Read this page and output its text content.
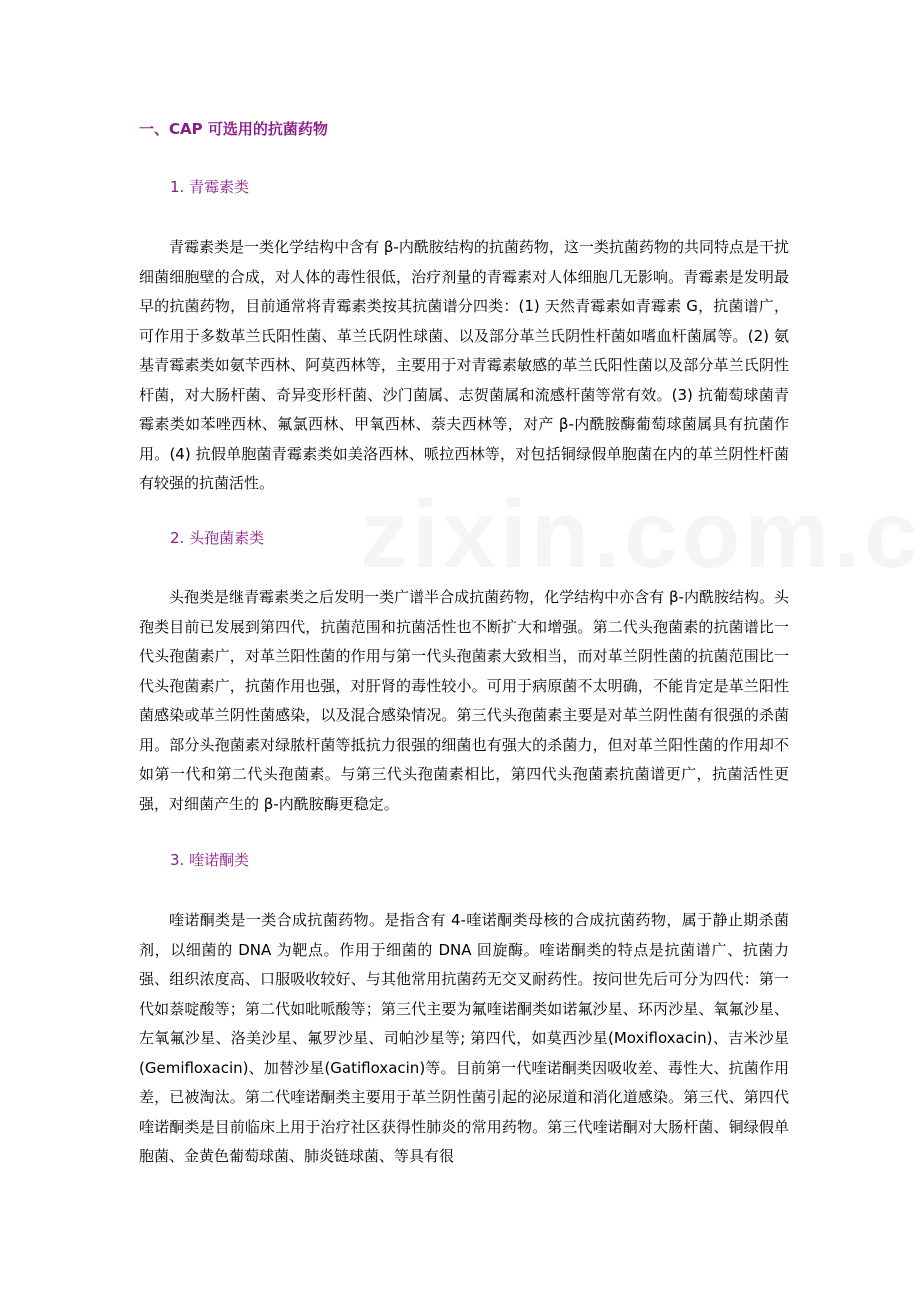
一、CAP 可选用的抗菌药物
1. 青霉素类

青霉素类是一类化学结构中含有 β-内酰胺结构的抗菌药物，这一类抗菌药物的共同特点是干扰细菌细胞壁的合成，对人体的毒性很低，治疗剂量的青霉素对人体细胞几无影响。青霉素是发明最早的抗菌药物，目前通常将青霉素类按其抗菌谱分四类：(1) 天然青霉素如青霉素 G，抗菌谱广，可作用于多数革兰氏阳性菌、革兰氏阴性球菌、以及部分革兰氏阴性杆菌如嗜血杆菌属等。(2) 氨基青霉素类如氨苄西林、阿莫西林等，主要用于对青霉素敏感的革兰氏阳性菌以及部分革兰氏阴性杆菌，对大肠杆菌、奇异变形杆菌、沙门菌属、志贺菌属和流感杆菌等常有效。(3) 抗葡萄球菌青霉素类如苯唑西林、氟氯西林、甲氧西林、萘夫西林等，对产 β-内酰胺酶葡萄球菌属具有抗菌作用。(4) 抗假单胞菌青霉素类如美洛西林、哌拉西林等，对包括铜绿假单胞菌在内的革兰阴性杆菌有较强的抗菌活性。

2. 头孢菌素类

头孢类是继青霉素类之后发明一类广谱半合成抗菌药物，化学结构中亦含有 β-内酰胺结构。头孢类目前已发展到第四代，抗菌范围和抗菌活性也不断扩大和增强。第二代头孢菌素的抗菌谱比一代头孢菌素广，对革兰阳性菌的作用与第一代头孢菌素大致相当，而对革兰阴性菌的抗菌范围比一代头孢菌素广，抗菌作用也强，对肝肾的毒性较小。可用于病原菌不太明确，不能肯定是革兰阳性菌感染或革兰阴性菌感染，以及混合感染情况。第三代头孢菌素主要是对革兰阴性菌有很强的杀菌用。部分头孢菌素对绿脓杆菌等抵抗力很强的细菌也有强大的杀菌力，但对革兰阳性菌的作用却不如第一代和第二代头孢菌素。与第三代头孢菌素相比，第四代头孢菌素抗菌谱更广，抗菌活性更强，对细菌产生的 β-内酰胺酶更稳定。

3. 喹诺酮类

喹诺酮类是一类合成抗菌药物。是指含有 4-喹诺酮类母核的合成抗菌药物，属于静止期杀菌剂，以细菌的 DNA 为靶点。作用于细菌的 DNA 回旋酶。喹诺酮类的特点是抗菌谱广、抗菌力强、组织浓度高、口服吸收较好、与其他常用抗菌药无交叉耐药性。按问世先后可分为四代：第一代如萘啶酸等；第二代如吡哌酸等；第三代主要为氟喹诺酮类如诺氟沙星、环丙沙星、氧氟沙星、左氧氟沙星、洛美沙星、氟罗沙星、司帕沙星等; 第四代，如莫西沙星(Moxifloxacin)、吉米沙星(Gemifloxacin)、加替沙星(Gatifloxacin)等。目前第一代喹诺酮类因吸收差、毒性大、抗菌作用差，已被淘汰。第二代喹诺酮类主要用于革兰阴性菌引起的泌尿道和消化道感染。第三代、第四代喹诺酮类是目前临床上用于治疗社区获得性肺炎的常用药物。第三代喹诺酮对大肠杆菌、铜绿假单胞菌、金黄色葡萄球菌、肺炎链球菌、等具有很
